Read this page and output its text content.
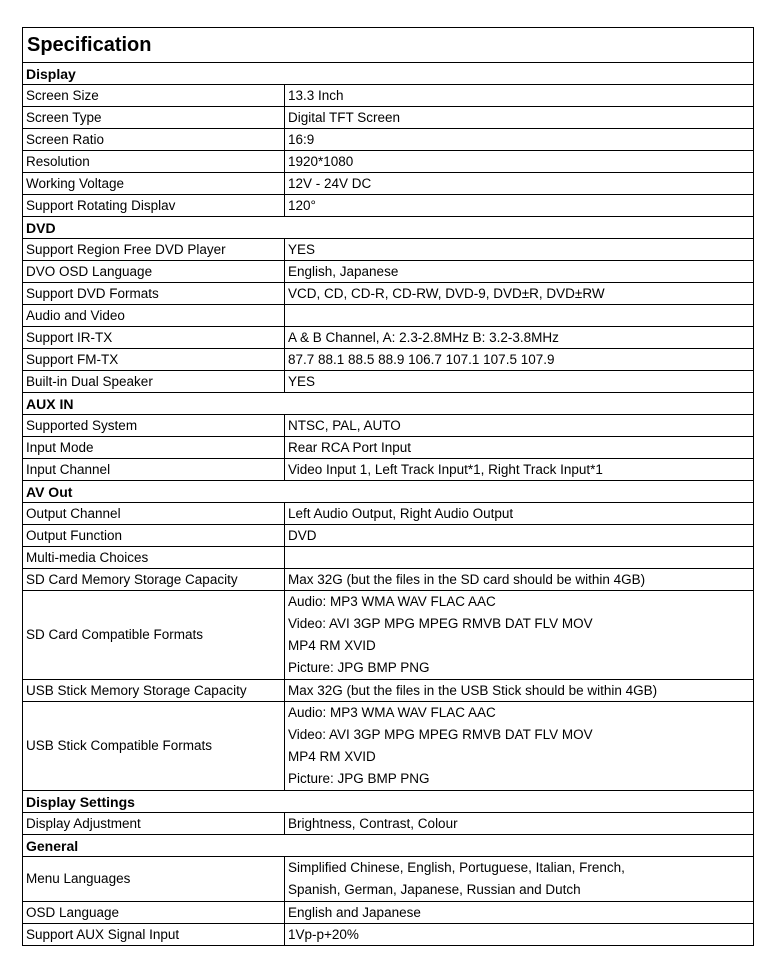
Specification	
Display	
Screen Size	13.3 Inch
Screen Type	Digital TFT Screen
Screen Ratio	16:9
Resolution	1920*1080
Working Voltage	12V - 24V DC
Support Rotating Displav	120°
DVD	
Support Region Free DVD Player	YES
DVO OSD Language	English, Japanese
Support DVD Formats	VCD, CD, CD-R, CD-RW, DVD-9, DVD±R, DVD±RW
Audio and Video	
Support IR-TX	A & B Channel, A: 2.3-2.8MHz B: 3.2-3.8MHz
Support FM-TX	87.7 88.1 88.5 88.9 106.7 107.1 107.5 107.9
Built-in Dual Speaker	YES
AUX IN	
Supported System	NTSC, PAL, AUTO
Input Mode	Rear RCA Port Input
Input Channel	Video Input 1, Left Track Input*1, Right Track Input*1
AV Out	
Output Channel	Left Audio Output, Right Audio Output
Output Function	DVD
Multi-media Choices	
SD Card Memory Storage Capacity	Max 32G (but the files in the SD card should be within 4GB)
SD Card Compatible Formats	Audio: MP3 WMA WAV FLAC AAC
Video: AVI 3GP MPG MPEG RMVB DAT FLV MOV
MP4 RM XVID
Picture: JPG BMP PNG

USB Stick Memory Storage Capacity	Max 32G (but the files in the USB Stick should be within 4GB)
USB Stick Compatible Formats	Audio: MP3 WMA WAV FLAC AAC
Video: AVI 3GP MPG MPEG RMVB DAT FLV MOV
MP4 RM XVID
Picture: JPG BMP PNG

Display Settings	
Display Adjustment	Brightness, Contrast, Colour
General	
Menu Languages	Simplified Chinese, English, Portuguese, Italian, French,
Spanish, German, Japanese, Russian and Dutch

OSD Language	English and Japanese
Support AUX Signal Input	1Vp-p+20%
